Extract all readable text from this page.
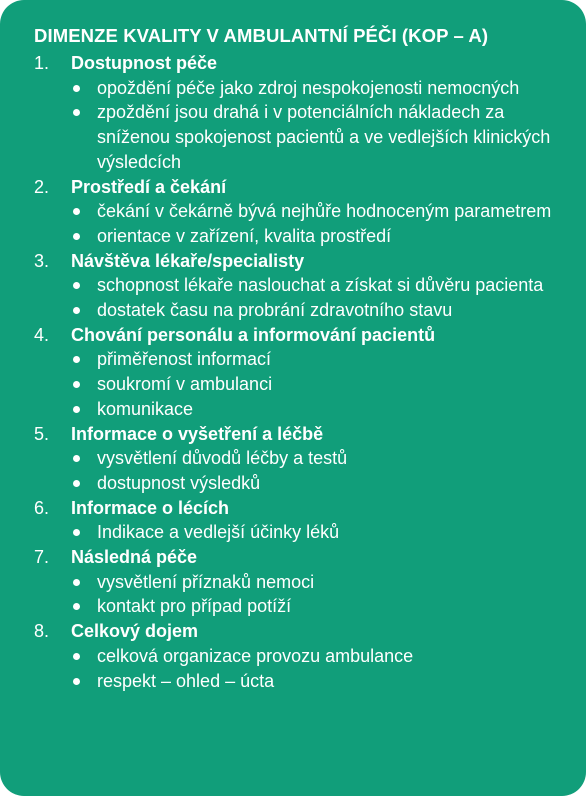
DIMENZE KVALITY V AMBULANTNÍ PÉČI (KOP – A)
1.	Dostupnost péče
opoždění péče jako zdroj nespokojenosti nemocných
zpoždění jsou drahá i v potenciálních nákladech za sníženou spokojenost pacientů a ve vedlejších klinických výsledcích
2.	Prostředí a čekání
čekání v čekárně bývá nejhůře hodnoceným parametrem
orientace v zařízení, kvalita prostředí
3.	Návštěva lékaře/specialisty
schopnost lékaře naslouchat a získat si důvěru pacienta
dostatek času na probrání zdravotního stavu
4.	Chování personálu a informování pacientů
přiměřenost informací
soukromí v ambulanci
komunikace
5.	Informace o vyšetření a léčbě
vysvětlení důvodů léčby a testů
dostupnost výsledků
6.	Informace o lécích
Indikace a vedlejší účinky léků
7.	Následná péče
vysvětlení příznaků nemoci
kontakt pro případ potíží
8.	Celkový dojem
celková organizace provozu ambulance
respekt – ohled – úcta
